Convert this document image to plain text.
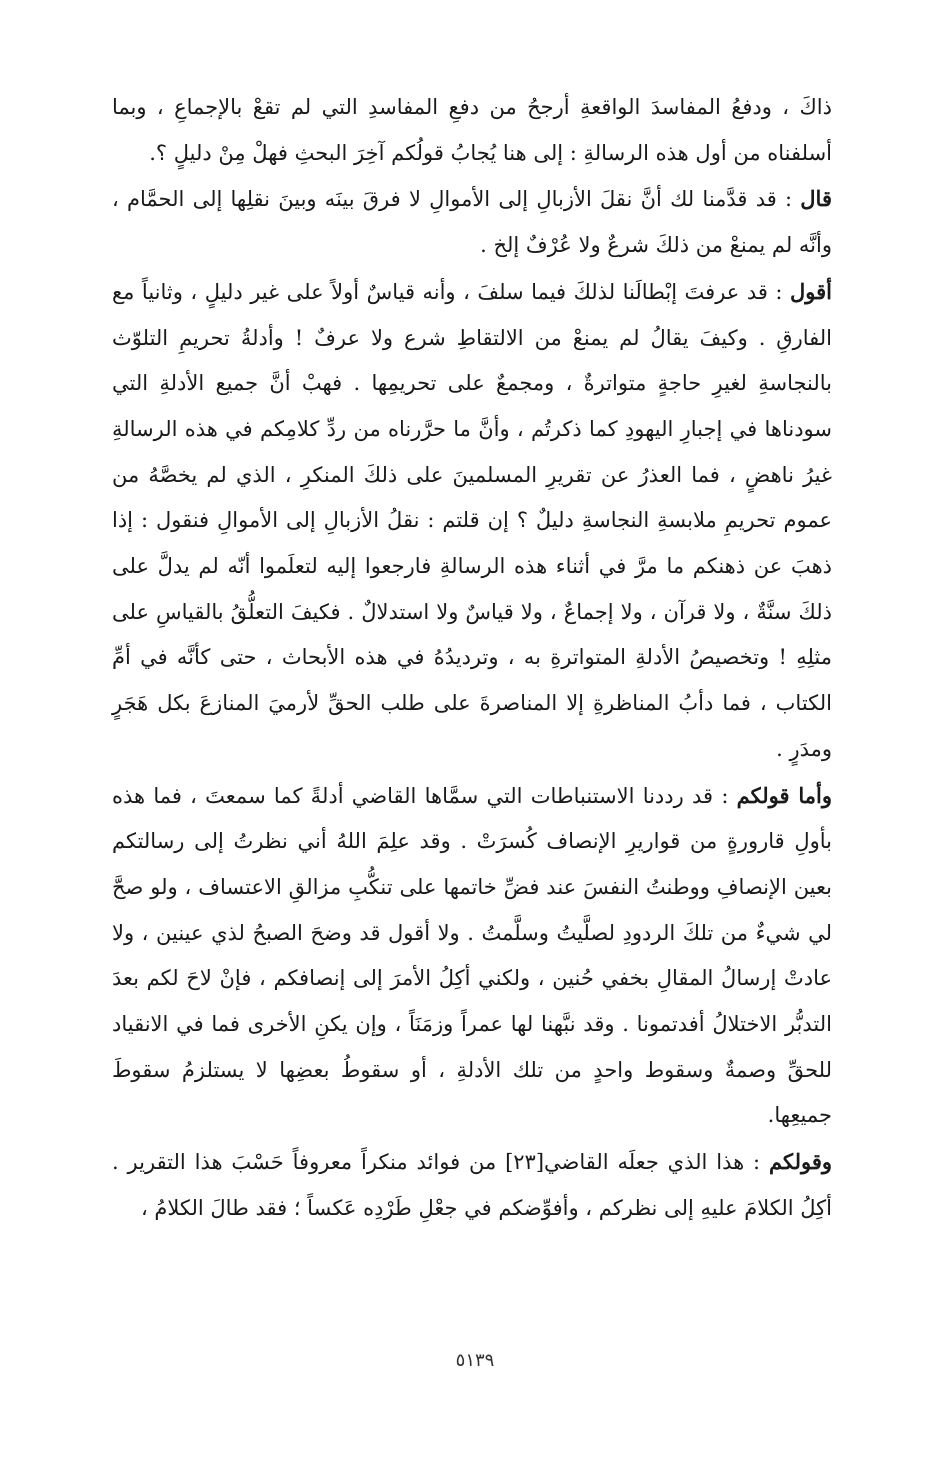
ذاكَ ، ودفعُ المفاسدَ الواقعةِ أرجحُ من دفعِ المفاسدِ التي لم تقعْ بالإجماعِ ، وبما أسلفناه من أول هذه الرسالةِ : إلى هنا يُجابُ قولُكم آخِرَ البحثِ فهلْ مِنْ دليلٍ ؟.

قال : قد قدَّمنا لك أنَّ نقلَ الأزبالِ إلى الأموالِ لا فرقَ بينَه وبينَ نقلِها إلى الحمَّام ، وأنَّه لم يمنعْ من ذلكَ شرعٌ ولا عُرْفٌ إلخ .

أقول : قد عرفتَ إبْطالَنا لذلكَ فيما سلفَ ، وأنه قياسٌ أولاً على غير دليلٍ ، وثانياً مع الفارقِ . وكيفَ يقالُ لم يمنعْ من الالتقاطِ شرع ولا عرفٌ ! وأدلةُ تحريمِ التلوّث بالنجاسةِ لغيرِ حاجةٍ متواترةٌ ، ومجمعٌ على تحريمِها . فهبْ أنَّ جميع الأدلةِ التي سودناها في إجبارِ اليهودِ كما ذكرتُم ، وأنَّ ما حرَّرناه من ردِّ كلامِكم في هذه الرسالةِ غيرُ ناهضٍ ، فما العذرُ عن تقريرِ المسلمينَ على ذلكَ المنكرِ ، الذي لم يخصَّهُ من عموم تحريمِ ملابسةِ النجاسةِ دليلٌ ؟ إن قلتم : نقلُ الأزبالِ إلى الأموالِ فنقول : إذا ذهبَ عن ذهنكم ما مرَّ في أثناء هذه الرسالةِ فارجعوا إليه لتعلَموا أنّه لم يدلَّ على ذلكَ سنَّةٌ ، ولا قرآن ، ولا إجماعٌ ، ولا قياسٌ ولا استدلالٌ . فكيفَ التعلُّقُ بالقياسِ على مثلِهِ ! وتخصيصُ الأدلةِ المتواترةِ به ، وترديدُهُ في هذه الأبحاث ، حتى كأنَّه في أمِّ الكتاب ، فما دأبُ المناظرةِ إلا المناصرةَ على طلب الحقِّ لأرميَ المنازعَ بكل هَجَرٍ ومدَرٍ .

وأما قولكم : قد رددنا الاستنباطات التي سمَّاها القاضي أدلةً كما سمعتَ ، فما هذه بأولِ قارورةٍ من قواريرِ الإنصاف كُسرَتْ . وقد علِمَ اللهُ أني نظرتُ إلى رسالتكم بعين الإنصافِ ووطنتُ النفسَ عند فضِّ خاتمها على تنكُّبِ مزالقِ الاعتساف ، ولو صحَّ لي شيءٌ من تلكَ الردودِ لصلَّيتُ وسلَّمتُ . ولا أقول قد وضحَ الصبحُ لذي عينين ، ولا عادتْ إرسالُ المقالِ بخفي حُنين ، ولكني أكِلُ الأمرَ إلى إنصافكم ، فإنْ لاحَ لكم بعدَ التدبُّر الاختلالُ أفدتمونا . وقد نبَّهنا لها عمراً وزمَنَاً ، وإن يكنِ الأخرى فما في الانقياد للحقِّ وصمةٌ وسقوط واحدٍ من تلك الأدلةِ ، أو سقوطُ بعضِها لا يستلزمُ سقوطَ جميعِها.

وقولكم : هذا الذي جعلَه القاضي[٢٣] من فوائد منكراً معروفاً حَسْبَ هذا التقرير . أكِلُ الكلامَ عليهِ إلى نظركم ، وأفوِّضكم في جعْلِ طَرْدِه عَكساً ؛ فقد طالَ الكلامُ ،

٥١٣٩
